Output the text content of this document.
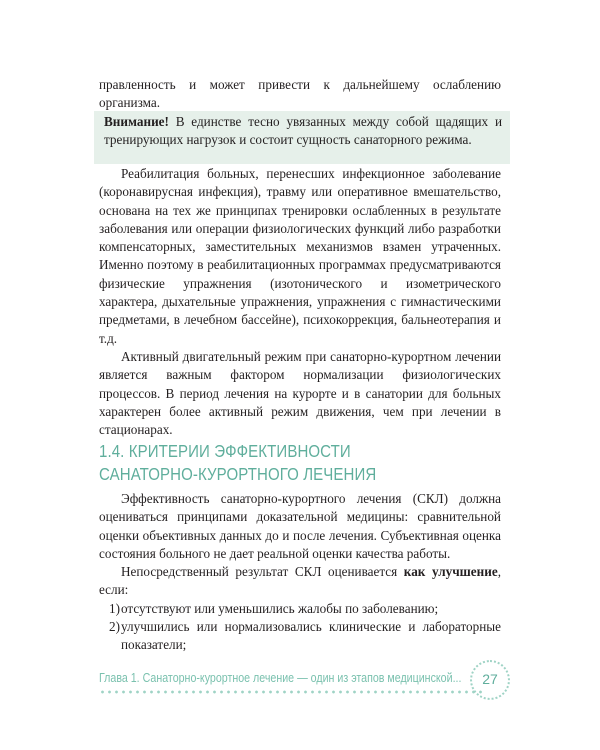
правленность и может привести к дальнейшему ослаблению организма.

Внимание! В единстве тесно увязанных между собой щадящих и тренирующих нагрузок и состоит сущность санаторного режима.

Реабилитация больных, перенесших инфекционное заболевание (коронавирусная инфекция), травму или оперативное вмешательство, основана на тех же принципах тренировки ослабленных в результате заболевания или операции физиологических функций либо разработки компенсаторных, заместительных механизмов взамен утраченных. Именно поэтому в реабилитационных программах предусматриваются физические упражнения (изотонического и изометрического характера, дыхательные упражнения, упражнения с гимнастическими предметами, в лечебном бассейне), психокоррекция, бальнеотерапия и т.д.

Активный двигательный режим при санаторно-курортном лечении является важным фактором нормализации физиологических процессов. В период лечения на курорте и в санатории для больных характерен более активный режим движения, чем при лечении в стационарах.

1.4. КРИТЕРИИ ЭФФЕКТИВНОСТИ
САНАТОРНО-КУРОРТНОГО ЛЕЧЕНИЯ

Эффективность санаторно-курортного лечения (СКЛ) должна оцениваться принципами доказательной медицины: сравнительной оценки объективных данных до и после лечения. Субъективная оценка состояния больного не дает реальной оценки качества работы.

Непосредственный результат СКЛ оценивается как улучшение, если:

1) отсутствуют или уменьшились жалобы по заболеванию;
2) улучшились или нормализовались клинические и лабораторные показатели;
Глава 1. Санаторно-курортное лечение — один из этапов медицинской...	27
